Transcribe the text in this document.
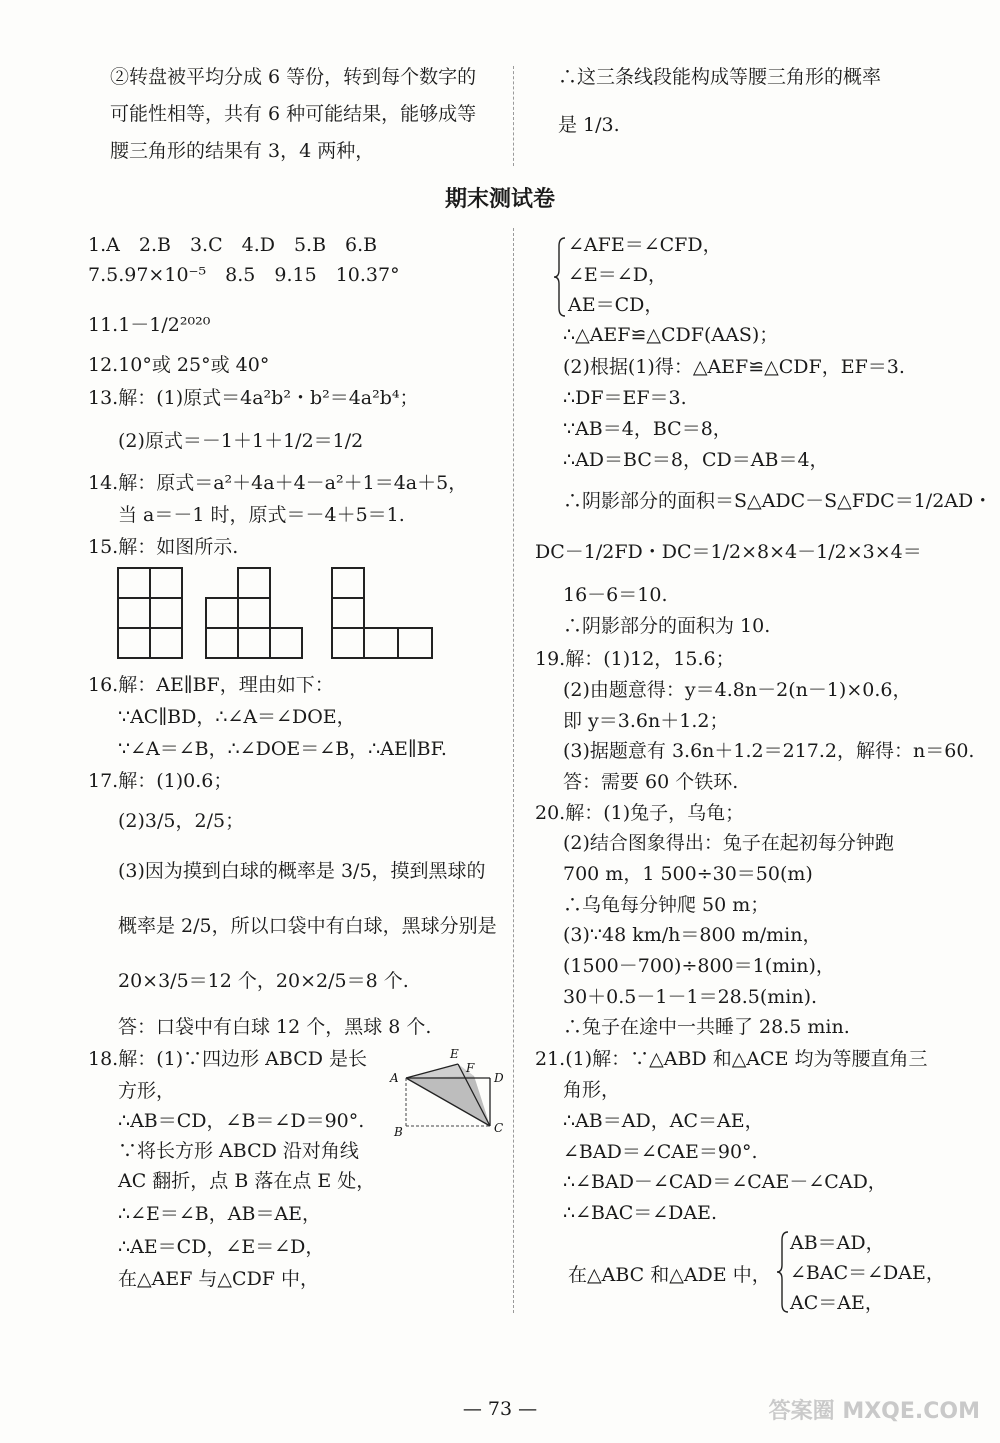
②转盘被平均分成 6 等份，转到每个数字的
可能性相等，共有 6 种可能结果，能够成等
腰三角形的结果有 3，4 两种，
∴这三条线段能构成等腰三角形的概率
是 1/3.
期末测试卷
1.A　2.B　3.C　4.D　5.B　6.B
7.5.97×10⁻⁵　8.5　9.15　10.37°
11.1－1/2²⁰²⁰
12.10°或 25°或 40°
13.解：(1)原式＝4a²b²・b²＝4a²b⁴；
(2)原式＝－1＋1＋1/2＝1/2
14.解：原式＝a²＋4a＋4－a²＋1＝4a＋5，
当 a＝－1 时，原式＝－4＋5＝1.
15.解：如图所示.
16.解：AE∥BF，理由如下：
∵AC∥BD，∴∠A＝∠DOE，
∵∠A＝∠B，∴∠DOE＝∠B，∴AE∥BF.
17.解：(1)0.6；
(2)3/5，2/5；
(3)因为摸到白球的概率是 3/5，摸到黑球的
概率是 2/5，所以口袋中有白球，黑球分别是
20×3/5＝12 个，20×2/5＝8 个.
答：口袋中有白球 12 个，黑球 8 个.
18.解：(1)∵四边形 ABCD 是长
方形，
∴AB＝CD，∠B＝∠D＝90°.
∵将长方形 ABCD 沿对角线
AC 翻折，点 B 落在点 E 处，
∴∠E＝∠B，AB＝AE，
∴AE＝CD，∠E＝∠D，
在△AEF 与△CDF 中，
A
B	C
D
E
F
∠AFE＝∠CFD，
∠E＝∠D，
AE＝CD，
∴△AEF≌△CDF(AAS)；
(2)根据(1)得：△AEF≌△CDF，EF＝3.
∴DF＝EF＝3.
∵AB＝4，BC＝8，
∴AD＝BC＝8，CD＝AB＝4，
∴阴影部分的面积＝S△ADC－S△FDC＝1/2AD・
DC－1/2FD・DC＝1/2×8×4－1/2×3×4＝
16－6＝10.
∴阴影部分的面积为 10.
19.解：(1)12，15.6；
(2)由题意得：y＝4.8n－2(n－1)×0.6，
即 y＝3.6n＋1.2；
(3)据题意有 3.6n＋1.2＝217.2，解得：n＝60.
答：需要 60 个铁环.
20.解：(1)兔子，乌龟；
(2)结合图象得出：兔子在起初每分钟跑
700 m，1 500÷30＝50(m)
∴乌龟每分钟爬 50 m；
(3)∵48 km/h＝800 m/min，
(1500－700)÷800＝1(min)，
30＋0.5－1－1＝28.5(min).
∴兔子在途中一共睡了 28.5 min.
21.(1)解：∵△ABD 和△ACE 均为等腰直角三
角形，
∴AB＝AD，AC＝AE，
∠BAD＝∠CAE＝90°.
∴∠BAD－∠CAD＝∠CAE－∠CAD，
∴∠BAC＝∠DAE.
AB＝AD，
在△ABC 和△ADE 中， ∠BAC＝∠DAE，
AC＝AE，
— 73 —	答案圈 MXQE.COM
